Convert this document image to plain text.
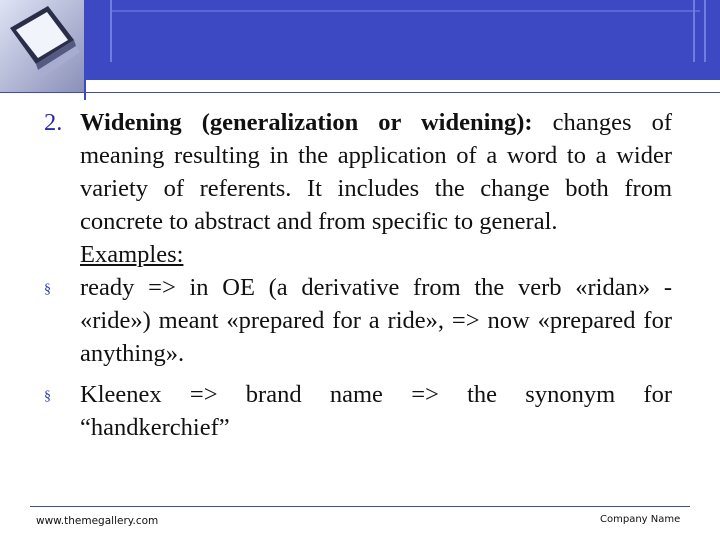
2. Widening (generalization or widening): changes of meaning resulting in the application of a word to a wider variety of referents. It includes the change both from concrete to abstract and from specific to general.
Examples:
§	ready => in OE (a derivative from the verb «ridan» - «ride») meant «prepared for a ride», => now «prepared for anything».
§	Kleenex => brand name => the synonym for “handkerchief”
www.themegallery.com	Company Name
